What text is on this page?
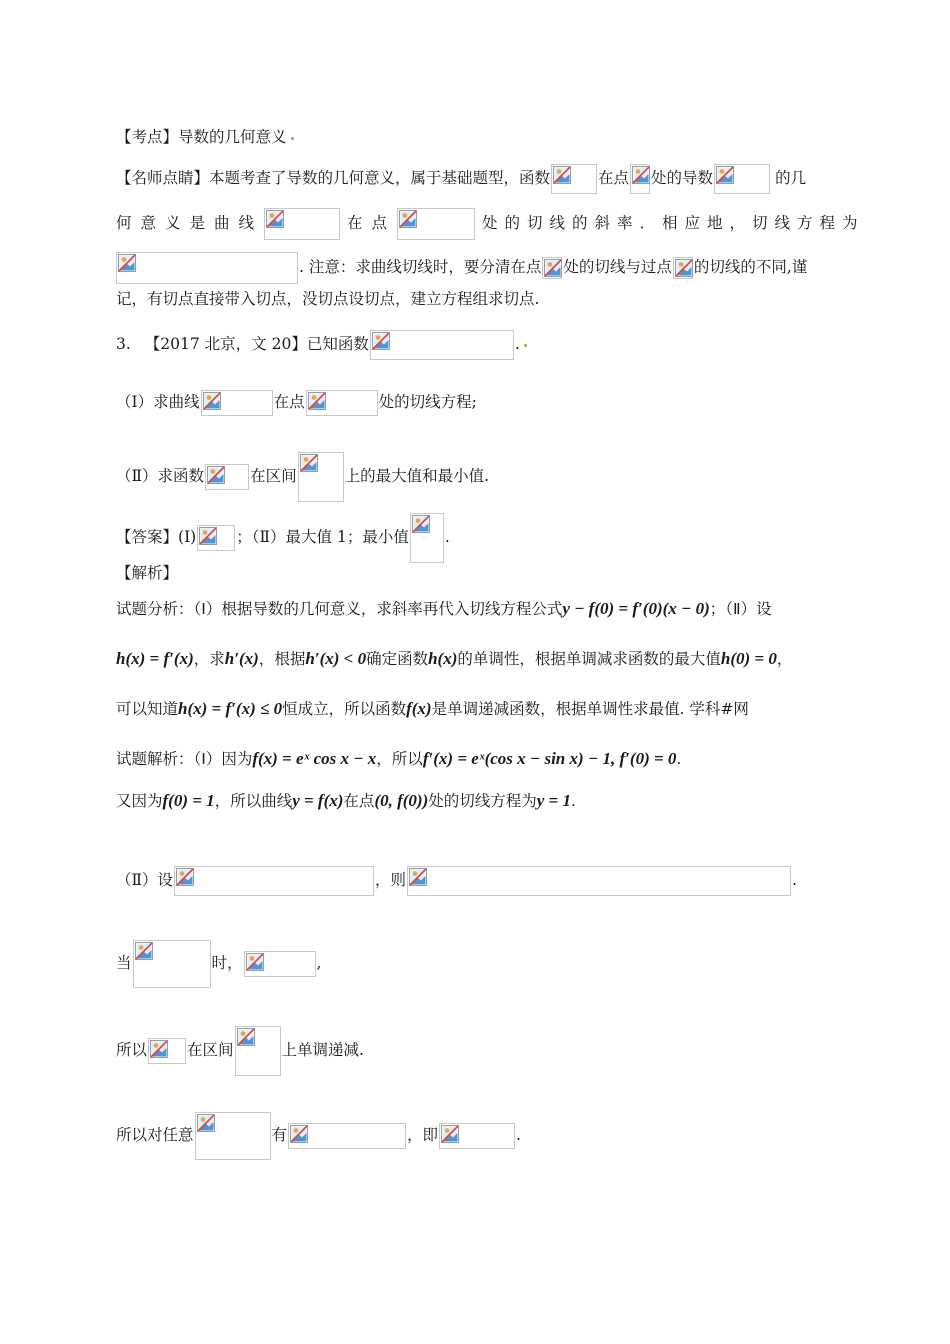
【考点】导数的几何意义
【名师点睛】本题考查了导数的几何意义，属于基础题型，函数	在点 处的导数	的几
何意义是曲线	在点	处的切线的斜率．相应地，切线方程为
. 注意：求曲线切线时，要分清在点 处的切线与过点 的切线的不同,谨
记，有切点直接带入切点，没切点设切点，建立方程组求切点.
3. 【2017 北京，文 20】已知函数	.
（Ⅰ）求曲线	在点	处的切线方程;
（Ⅱ）求函数	在区间	上的最大值和最小值.
【答案】(Ⅰ)	；（Ⅱ）最大值 1；最小值 .
【解析】
试题分析：（Ⅰ）根据导数的几何意义，求斜率再代入切线方程公式y − f(0) = f′(0)(x − 0)；（Ⅱ）设
h(x) = f′(x)，求h′(x)，根据h′(x) < 0确定函数h(x)的单调性，根据单调减求函数的最大值h(0) = 0，
可以知道h(x) = f′(x) ≤ 0恒成立，所以函数f(x)是单调递减函数，根据单调性求最值. 学科#网
试题解析：（Ⅰ）因为f(x) = eˣ cos x − x，所以f′(x) = eˣ(cos x − sin x) − 1, f′(0) = 0.
又因为f(0) = 1，所以曲线y = f(x)在点(0, f(0))处的切线方程为y = 1.
（Ⅱ）设	，则	.
当	时，	,
所以	在区间	上单调递减.
所以对任意	有	，即	.
